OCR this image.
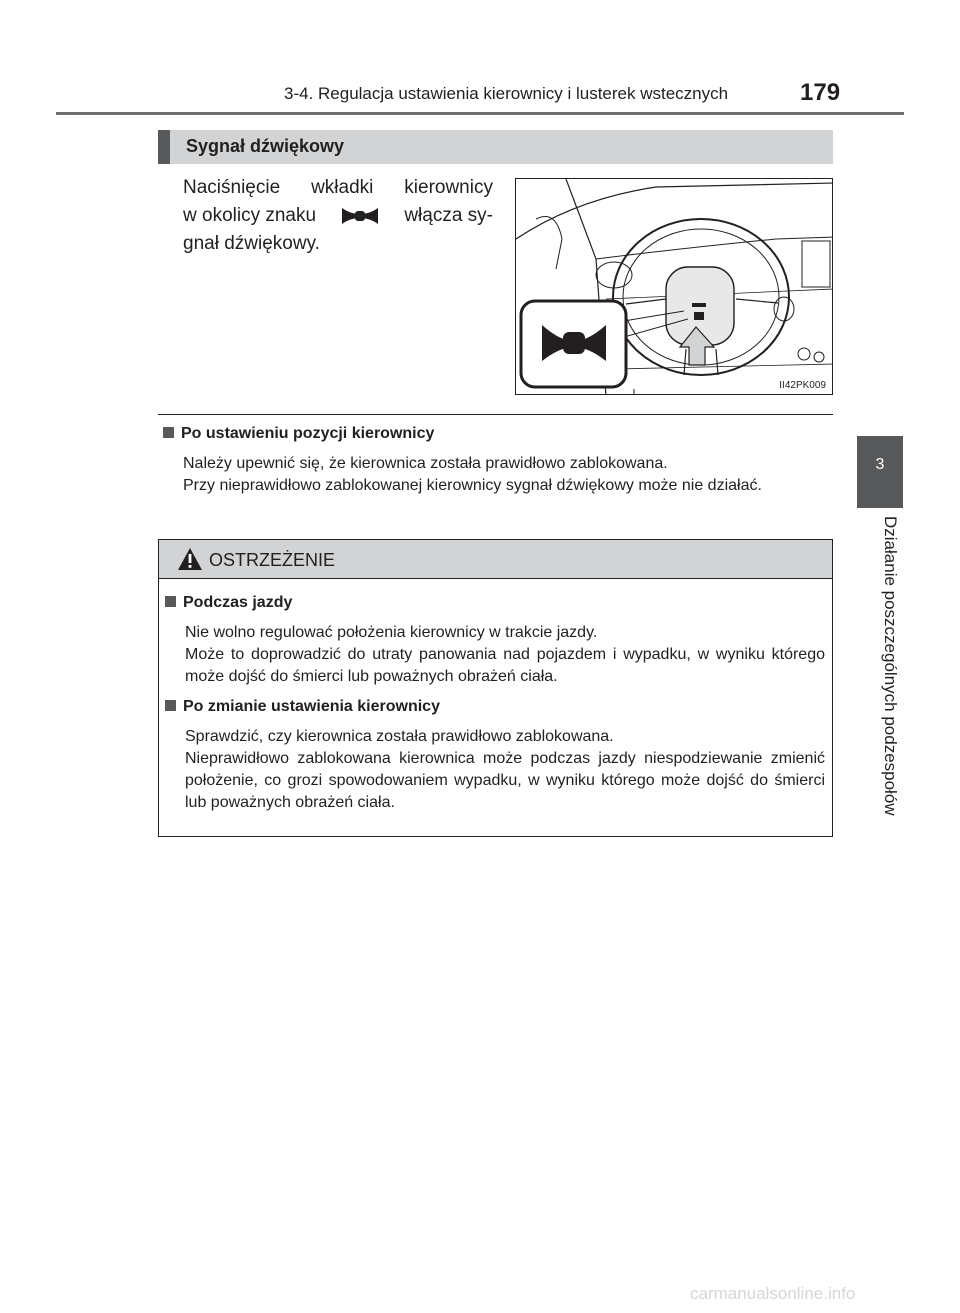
3-4. Regulacja ustawienia kierownicy i lusterek wstecznych	179
3
Działanie poszczególnych podzespołów
Sygnał dźwiękowy
Naciśnięcie wkładki kierownicy
w okolicy znaku	włącza sy-
gnał dźwiękowy.
II42PK009
Po ustawieniu pozycji kierownicy
Należy upewnić się, że kierownica została prawidłowo zablokowana.
Przy nieprawidłowo zablokowanej kierownicy sygnał dźwiękowy może nie działać.
OSTRZEŻENIE
Podczas jazdy
Nie wolno regulować położenia kierownicy w trakcie jazdy.
Może to doprowadzić do utraty panowania nad pojazdem i wypadku, w wyniku którego może dojść do śmierci lub poważnych obrażeń ciała.
Po zmianie ustawienia kierownicy
Sprawdzić, czy kierownica została prawidłowo zablokowana.
Nieprawidłowo zablokowana kierownica może podczas jazdy niespodziewanie zmienić położenie, co grozi spowodowaniem wypadku, w wyniku którego może dojść do śmierci lub poważnych obrażeń ciała.
carmanualsonline.info
